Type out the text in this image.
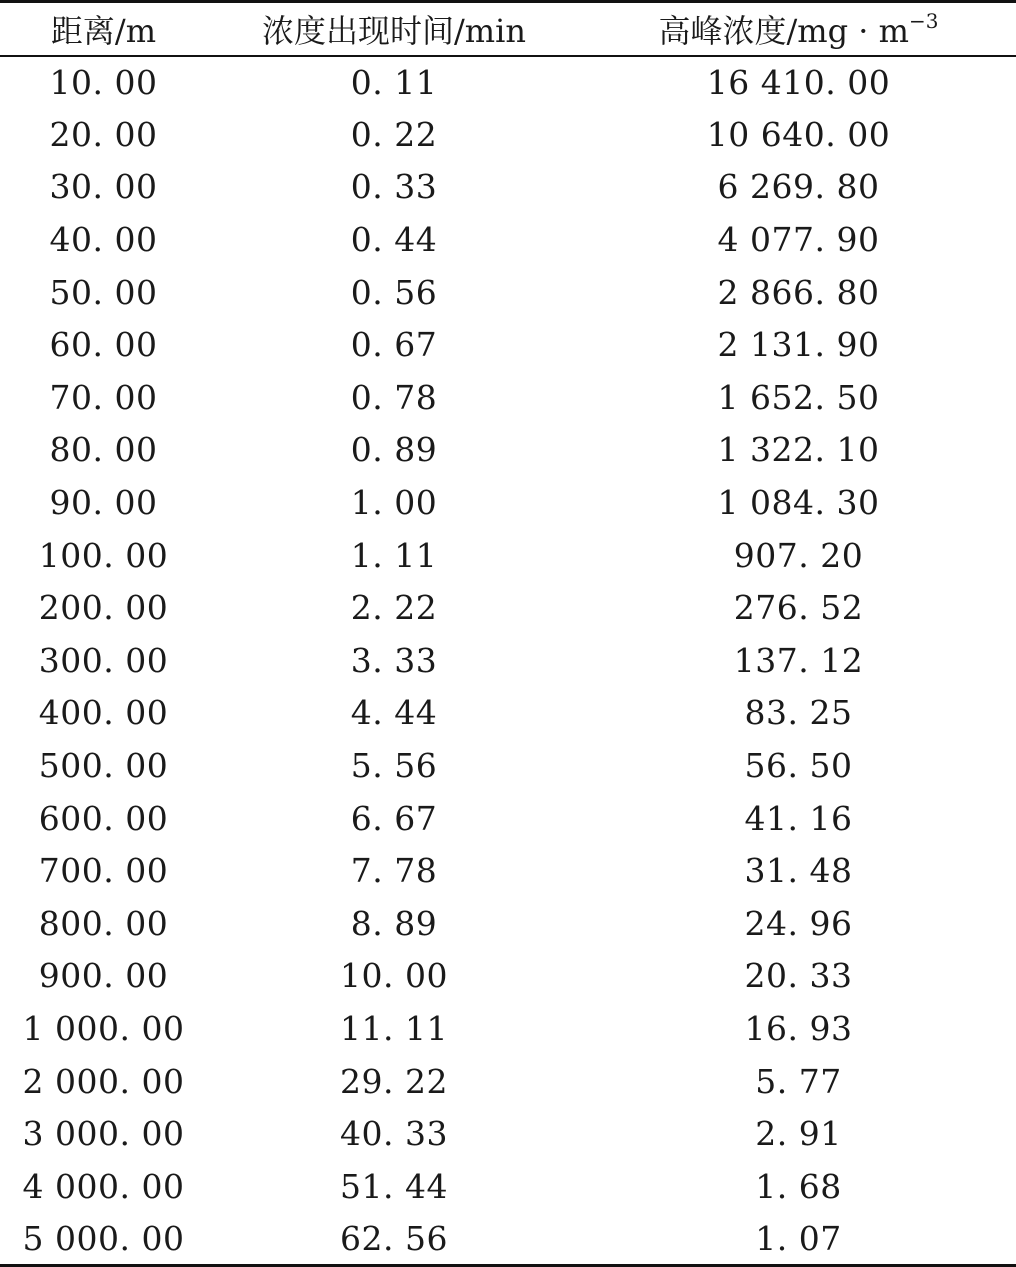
距离/m	浓度出现时间/min	高峰浓度$/mg \cdot m^{-3}$
10. 00	0. 11	16 410. 00
20. 00	0. 22	10 640. 00
30. 00	0. 33	6 269. 80
40. 00	0. 44	4 077. 90
50. 00	0. 56	2 866. 80
60. 00	0. 67	2 131. 90
70. 00	0. 78	1 652. 50
80. 00	0. 89	1 322. 10
90. 00	1. 00	1 084. 30
100. 00	1. 11	907. 20
200. 00	2. 22	276. 52
300. 00	3. 33	137. 12
400. 00	4. 44	83. 25
500. 00	5. 56	56. 50
600. 00	6. 67	41. 16
700. 00	7. 78	31. 48
800. 00	8. 89	24. 96
900. 00	10. 00	20. 33
1 000. 00	11. 11	16. 93
2 000. 00	29. 22	5. 77
3 000. 00	40. 33	2. 91
4 000. 00	51. 44	1. 68
5 000. 00	62. 56	1. 07
